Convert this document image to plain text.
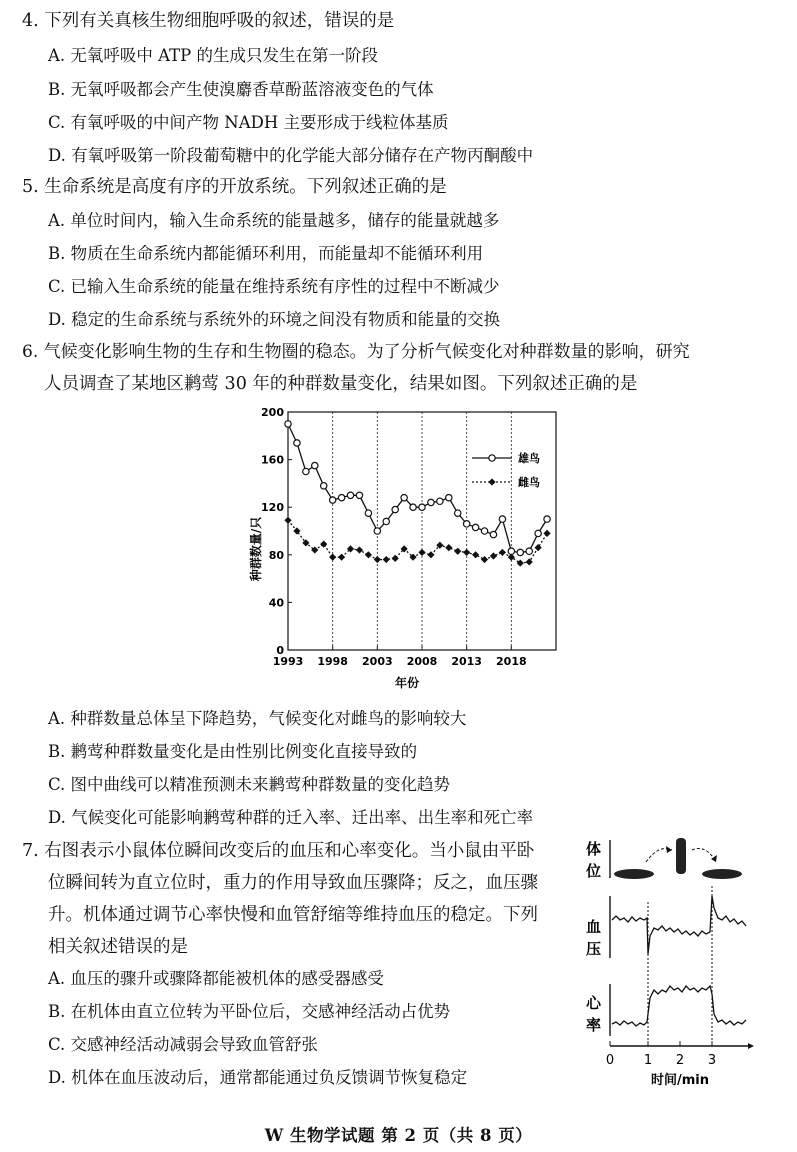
4. 下列有关真核生物细胞呼吸的叙述，错误的是
A. 无氧呼吸中 ATP 的生成只发生在第一阶段
B. 无氧呼吸都会产生使溴麝香草酚蓝溶液变色的气体
C. 有氧呼吸的中间产物 NADH 主要形成于线粒体基质
D. 有氧呼吸第一阶段葡萄糖中的化学能大部分储存在产物丙酮酸中
5. 生命系统是高度有序的开放系统。下列叙述正确的是
A. 单位时间内，输入生命系统的能量越多，储存的能量就越多
B. 物质在生命系统内都能循环利用，而能量却不能循环利用
C. 已输入生命系统的能量在维持系统有序性的过程中不断减少
D. 稳定的生命系统与系统外的环境之间没有物质和能量的交换
6. 气候变化影响生物的生存和生物圈的稳态。为了分析气候变化对种群数量的影响，研究
人员调查了某地区鹣莺 30 年的种群数量变化，结果如图。下列叙述正确的是
0
40
80
120
160
200
1993 1998 2003 2008 2013 2018
雄鸟
雌鸟
种群数量/只
年份
A. 种群数量总体呈下降趋势，气候变化对雌鸟的影响较大
B. 鹣莺种群数量变化是由性别比例变化直接导致的
C. 图中曲线可以精准预测未来鹣莺种群数量的变化趋势
D. 气候变化可能影响鹣莺种群的迁入率、迁出率、出生率和死亡率
7. 右图表示小鼠体位瞬间改变后的血压和心率变化。当小鼠由平卧
位瞬间转为直立位时，重力的作用导致血压骤降；反之，血压骤
升。机体通过调节心率快慢和血管舒缩等维持血压的稳定。下列
相关叙述错误的是
A. 血压的骤升或骤降都能被机体的感受器感受
B. 在机体由直立位转为平卧位后，交感神经活动占优势
C. 交感神经活动减弱会导致血管舒张
D. 机体在血压波动后，通常都能通过负反馈调节恢复稳定
体
位
血
压
心
率
0 1 2 3
时间/min
W 生物学试题 第 2 页（共 8 页）
